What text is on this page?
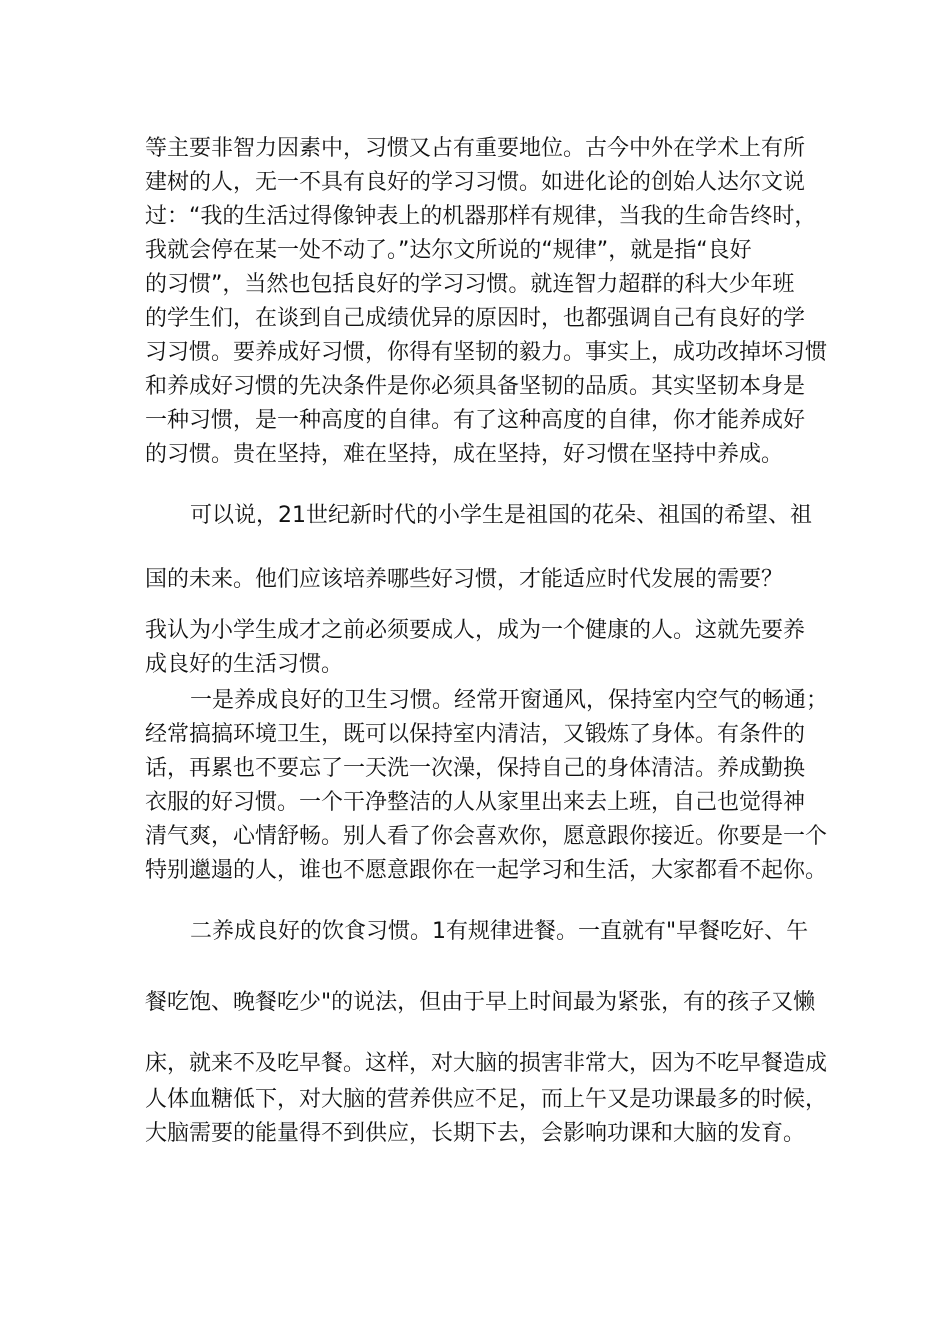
等主要非智力因素中，习惯又占有重要地位。古今中外在学术上有所
建树的人，无一不具有良好的学习习惯。如进化论的创始人达尔文说
过：“我的生活过得像钟表上的机器那样有规律，当我的生命告终时，
我就会停在某一处不动了。”达尔文所说的“规律”，就是指“良好
的习惯”，当然也包括良好的学习习惯。就连智力超群的科大少年班
的学生们，在谈到自己成绩优异的原因时，也都强调自己有良好的学
习习惯。要养成好习惯，你得有坚韧的毅力。事实上，成功改掉坏习惯
和养成好习惯的先决条件是你必须具备坚韧的品质。其实坚韧本身是
一种习惯，是一种高度的自律。有了这种高度的自律，你才能养成好
的习惯。贵在坚持，难在坚持，成在坚持，好习惯在坚持中养成。
可以说，21世纪新时代的小学生是祖国的花朵、祖国的希望、祖
国的未来。他们应该培养哪些好习惯，才能适应时代发展的需要？
我认为小学生成才之前必须要成人，成为一个健康的人。这就先要养
成良好的生活习惯。
一是养成良好的卫生习惯。经常开窗通风，保持室内空气的畅通；
经常搞搞环境卫生，既可以保持室内清洁，又锻炼了身体。有条件的
话，再累也不要忘了一天洗一次澡，保持自己的身体清洁。养成勤换
衣服的好习惯。一个干净整洁的人从家里出来去上班，自己也觉得神
清气爽，心情舒畅。别人看了你会喜欢你，愿意跟你接近。你要是一个
特别邋遢的人，谁也不愿意跟你在一起学习和生活，大家都看不起你。
二养成良好的饮食习惯。1有规律进餐。一直就有"早餐吃好、午
餐吃饱、晚餐吃少"的说法，但由于早上时间最为紧张，有的孩子又懒
床，就来不及吃早餐。这样，对大脑的损害非常大，因为不吃早餐造成
人体血糖低下，对大脑的营养供应不足，而上午又是功课最多的时候，
大脑需要的能量得不到供应，长期下去，会影响功课和大脑的发育。
